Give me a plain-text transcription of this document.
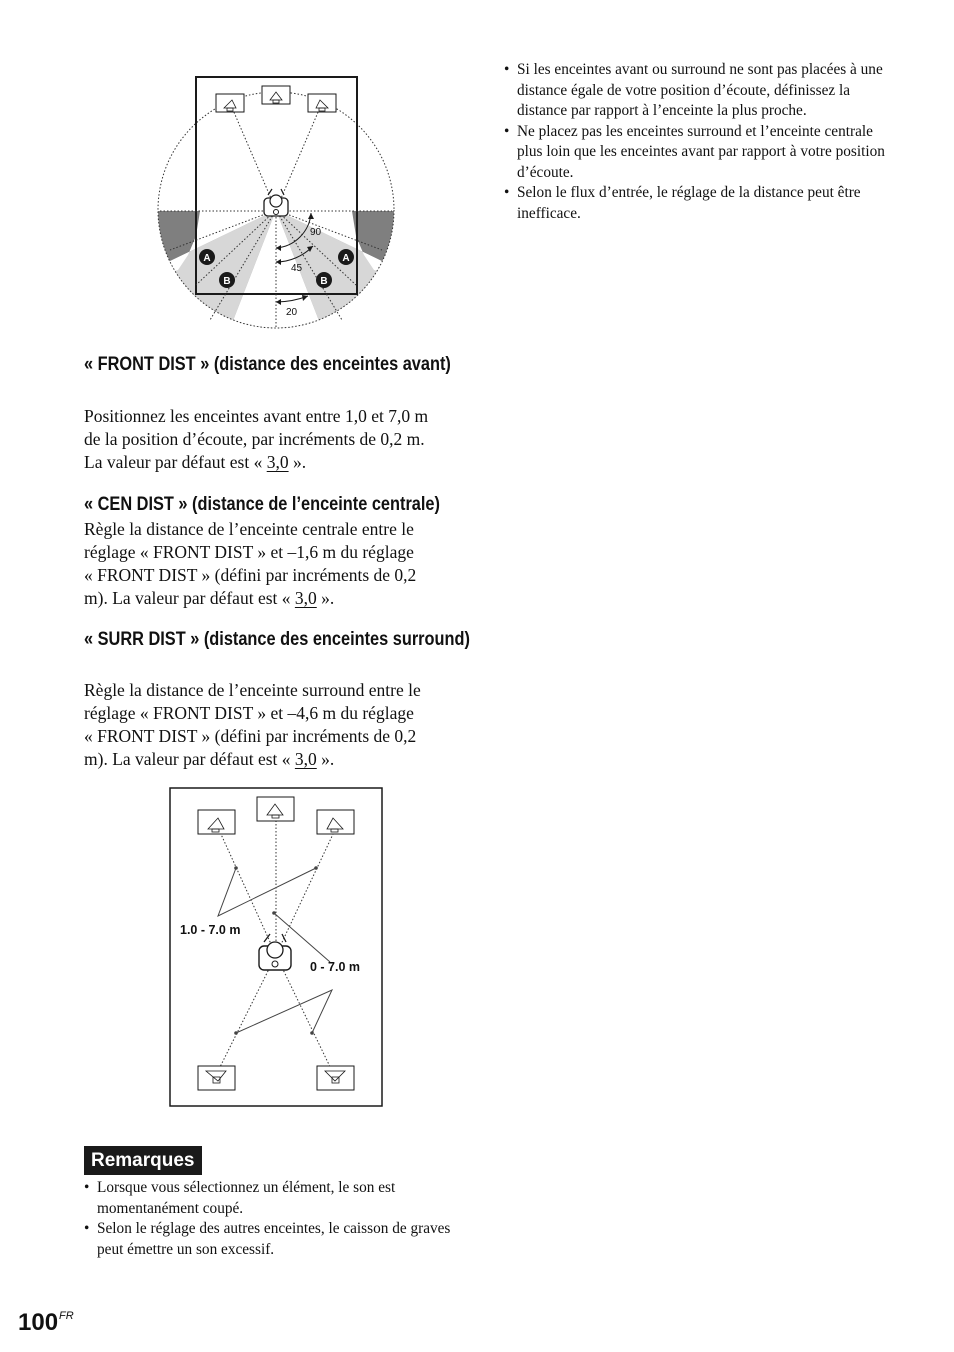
90
45
20
A	A
B	B
« FRONT DIST » (distance des enceintes avant)
Positionnez les enceintes avant entre 1,0 et 7,0 m
de la position d’écoute, par incréments de 0,2 m.
La valeur par défaut est « 3,0 ».
« CEN DIST » (distance de l’enceinte centrale)
Règle la distance de l’enceinte centrale entre le
réglage « FRONT DIST » et –1,6 m du réglage
« FRONT DIST » (défini par incréments de 0,2
m). La valeur par défaut est « 3,0 ».
« SURR DIST » (distance des enceintes surround)
Règle la distance de l’enceinte surround entre le
réglage « FRONT DIST » et –4,6 m du réglage
« FRONT DIST » (défini par incréments de 0,2
m). La valeur par défaut est « 3,0 ».
1.0 - 7.0 m
0 - 7.0 m
Remarques
• Lorsque vous sélectionnez un élément, le son est momentanément coupé.
• Selon le réglage des autres enceintes, le caisson de graves peut émettre un son excessif.
• Si les enceintes avant ou surround ne sont pas placées à une distance égale de votre position d’écoute, définissez la distance par rapport à l’enceinte la plus proche.
• Ne placez pas les enceintes surround et l’enceinte centrale plus loin que les enceintes avant par rapport à votre position d’écoute.
• Selon le flux d’entrée, le réglage de la distance peut être inefficace.
$100^{FR}$
